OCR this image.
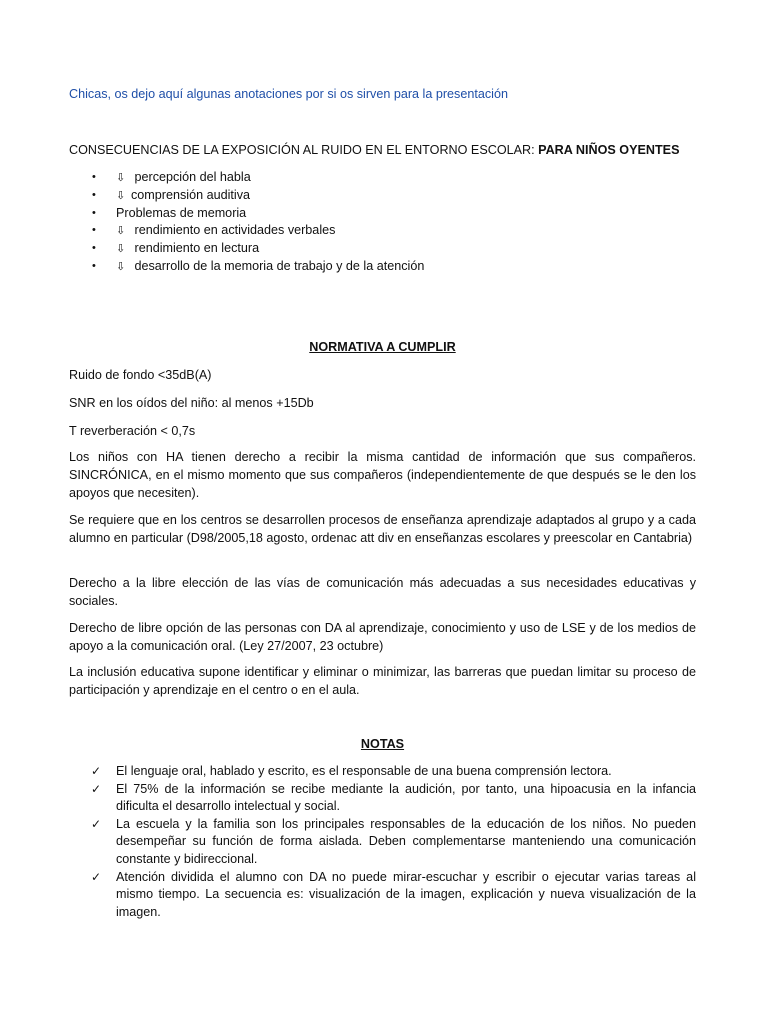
Chicas, os dejo aquí algunas anotaciones por si os sirven para la presentación
CONSECUENCIAS DE LA EXPOSICIÓN AL RUIDO EN EL ENTORNO ESCOLAR: PARA NIÑOS OYENTES
• ⇩ percepción del habla
• ⇩ comprensión auditiva
• Problemas de memoria
• ⇩ rendimiento en actividades verbales
• ⇩ rendimiento en lectura
• ⇩ desarrollo de la memoria de trabajo y de la atención
NORMATIVA A CUMPLIR

Ruido de fondo <35dB(A)

SNR en los oídos del niño: al menos +15Db

T reverberación < 0,7s

Los niños con HA tienen derecho a recibir la misma cantidad de información que sus compañeros. SINCRÓNICA, en el mismo momento que sus compañeros (independientemente de que después se le den los apoyos que necesiten).

Se requiere que en los centros se desarrollen procesos de enseñanza aprendizaje adaptados al grupo y a cada alumno en particular (D98/2005,18 agosto, ordenac att div en enseñanzas escolares y preescolar en Cantabria)

Derecho a la libre elección de las vías de comunicación más adecuadas a sus necesidades educativas y sociales.

Derecho de libre opción de las personas con DA al aprendizaje, conocimiento y uso de LSE y de los medios de apoyo a la comunicación oral. (Ley 27/2007, 23 octubre)

La inclusión educativa supone identificar y eliminar o minimizar, las barreras que puedan limitar su proceso de participación y aprendizaje en el centro o en el aula.

NOTAS
✓ El lenguaje oral, hablado y escrito, es el responsable de una buena comprensión lectora.
✓ El 75% de la información se recibe mediante la audición, por tanto, una hipoacusia en la infancia dificulta el desarrollo intelectual y social.
✓ La escuela y la familia son los principales responsables de la educación de los niños. No pueden desempeñar su función de forma aislada. Deben complementarse manteniendo una comunicación constante y bidireccional.
✓ Atención dividida el alumno con DA no puede mirar-escuchar y escribir o ejecutar varias tareas al mismo tiempo. La secuencia es: visualización de la imagen, explicación y nueva visualización de la imagen.
